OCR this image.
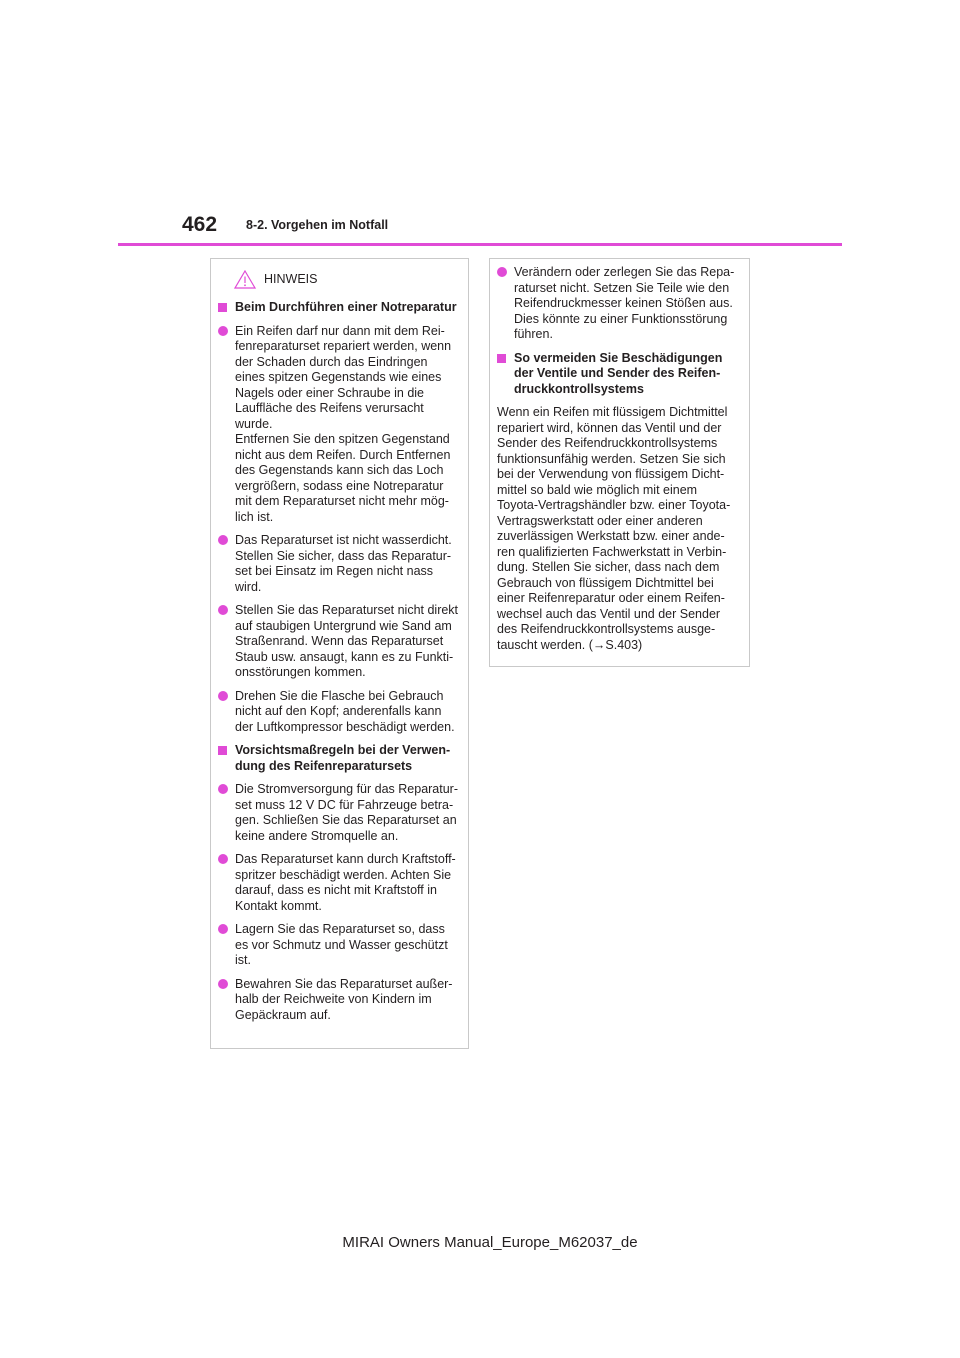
462 8-2. Vorgehen im Notfall
HINWEIS
Beim Durchführen einer Notreparatur
Ein Reifen darf nur dann mit dem Rei-
fenreparaturset repariert werden, wenn
der Schaden durch das Eindringen
eines spitzen Gegenstands wie eines
Nagels oder einer Schraube in die
Lauffläche des Reifens verursacht
wurde.
Entfernen Sie den spitzen Gegenstand
nicht aus dem Reifen. Durch Entfernen
des Gegenstands kann sich das Loch
vergrößern, sodass eine Notreparatur
mit dem Reparaturset nicht mehr mög-
lich ist.
Das Reparaturset ist nicht wasserdicht.
Stellen Sie sicher, dass das Reparatur-
set bei Einsatz im Regen nicht nass
wird.
Stellen Sie das Reparaturset nicht direkt
auf staubigen Untergrund wie Sand am
Straßenrand. Wenn das Reparaturset
Staub usw. ansaugt, kann es zu Funkti-
onsstörungen kommen.
Drehen Sie die Flasche bei Gebrauch
nicht auf den Kopf; anderenfalls kann
der Luftkompressor beschädigt werden.
Vorsichtsmaßregeln bei der Verwen-
dung des Reifenreparatursets
Die Stromversorgung für das Reparatur-
set muss 12 V DC für Fahrzeuge betra-
gen. Schließen Sie das Reparaturset an
keine andere Stromquelle an.
Das Reparaturset kann durch Kraftstoff-
spritzer beschädigt werden. Achten Sie
darauf, dass es nicht mit Kraftstoff in
Kontakt kommt.
Lagern Sie das Reparaturset so, dass
es vor Schmutz und Wasser geschützt
ist.
Bewahren Sie das Reparaturset außer-
halb der Reichweite von Kindern im
Gepäckraum auf.
Verändern oder zerlegen Sie das Repa-
raturset nicht. Setzen Sie Teile wie den
Reifendruckmesser keinen Stößen aus.
Dies könnte zu einer Funktionsstörung
führen.
So vermeiden Sie Beschädigungen
der Ventile und Sender des Reifen-
druckkontrollsystems
Wenn ein Reifen mit flüssigem Dichtmittel
repariert wird, können das Ventil und der
Sender des Reifendruckkontrollsystems
funktionsunfähig werden. Setzen Sie sich
bei der Verwendung von flüssigem Dicht-
mittel so bald wie möglich mit einem
Toyota-Vertragshändler bzw. einer Toyota-
Vertragswerkstatt oder einer anderen
zuverlässigen Werkstatt bzw. einer ande-
ren qualifizierten Fachwerkstatt in Verbin-
dung. Stellen Sie sicher, dass nach dem
Gebrauch von flüssigem Dichtmittel bei
einer Reifenreparatur oder einem Reifen-
wechsel auch das Ventil und der Sender
des Reifendruckkontrollsystems ausge-
tauscht werden. (→S.403)
MIRAI Owners Manual_Europe_M62037_de
